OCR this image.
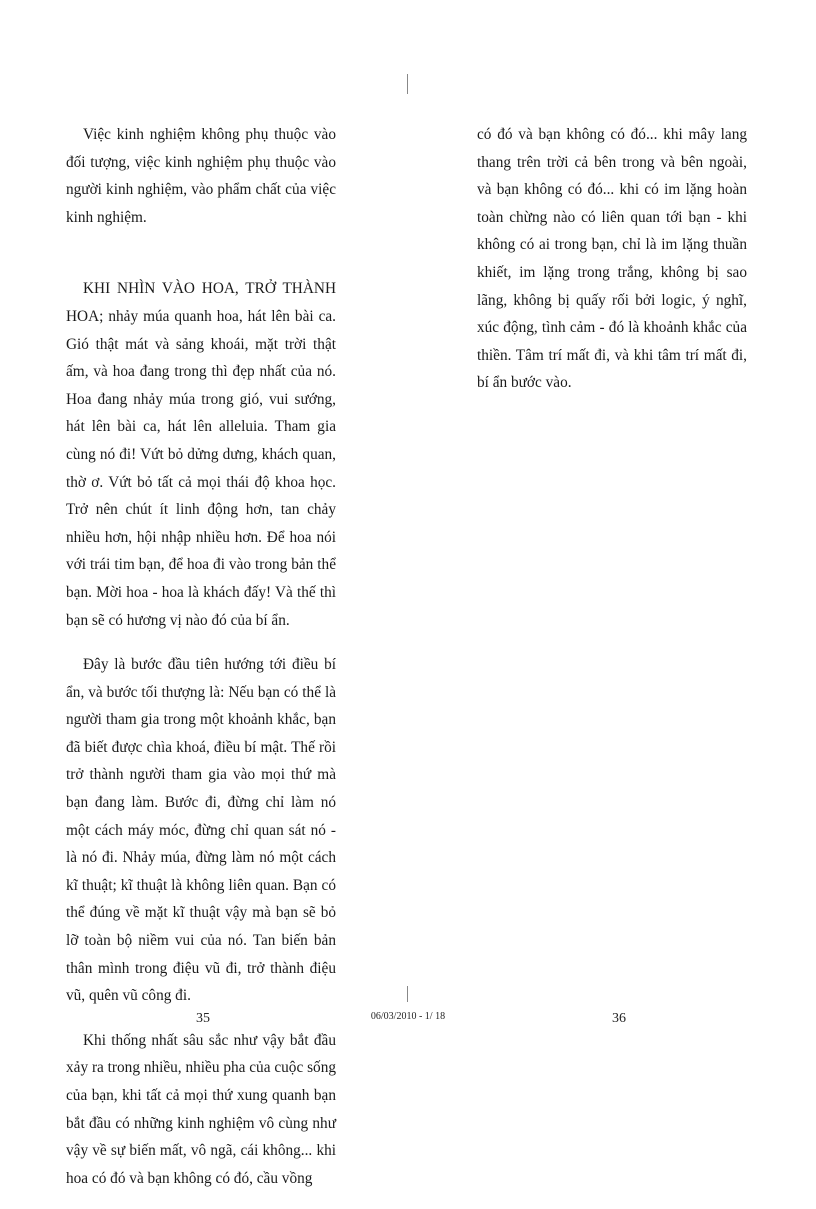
Việc kinh nghiệm không phụ thuộc vào đối tượng, việc kinh nghiệm phụ thuộc vào người kinh nghiệm, vào phẩm chất của việc kinh nghiệm.

KHI NHÌN VÀO HOA, TRỞ THÀNH HOA; nhảy múa quanh hoa, hát lên bài ca. Gió thật mát và sảng khoái, mặt trời thật ấm, và hoa đang trong thì đẹp nhất của nó. Hoa đang nhảy múa trong gió, vui sướng, hát lên bài ca, hát lên alleluia. Tham gia cùng nó đi! Vứt bỏ dửng dưng, khách quan, thờ ơ. Vứt bỏ tất cả mọi thái độ khoa học. Trở nên chút ít linh động hơn, tan chảy nhiều hơn, hội nhập nhiều hơn. Để hoa nói với trái tim bạn, để hoa đi vào trong bản thể bạn. Mời hoa - hoa là khách đấy! Và thế thì bạn sẽ có hương vị nào đó của bí ẩn.

Đây là bước đầu tiên hướng tới điều bí ẩn, và bước tối thượng là: Nếu bạn có thể là người tham gia trong một khoảnh khắc, bạn đã biết được chìa khoá, điều bí mật. Thế rồi trở thành người tham gia vào mọi thứ mà bạn đang làm. Bước đi, đừng chỉ làm nó một cách máy móc, đừng chỉ quan sát nó - là nó đi. Nhảy múa, đừng làm nó một cách kĩ thuật; kĩ thuật là không liên quan. Bạn có thể đúng về mặt kĩ thuật vậy mà bạn sẽ bỏ lỡ toàn bộ niềm vui của nó. Tan biến bản thân mình trong điệu vũ đi, trở thành điệu vũ, quên vũ công đi.

Khi thống nhất sâu sắc như vậy bắt đầu xảy ra trong nhiều, nhiều pha của cuộc sống của bạn, khi tất cả mọi thứ xung quanh bạn bắt đầu có những kinh nghiệm vô cùng như vậy về sự biến mất, vô ngã, cái không... khi hoa có đó và bạn không có đó, cầu vồng

có đó và bạn không có đó... khi mây lang thang trên trời cả bên trong và bên ngoài, và bạn không có đó... khi có im lặng hoàn toàn chừng nào có liên quan tới bạn - khi không có ai trong bạn, chỉ là im lặng thuần khiết, im lặng trong trắng, không bị sao lãng, không bị quấy rối bởi logic, ý nghĩ, xúc động, tình cảm - đó là khoảnh khắc của thiền. Tâm trí mất đi, và khi tâm trí mất đi, bí ẩn bước vào.

35	06/03/2010 - 1/ 18	36
